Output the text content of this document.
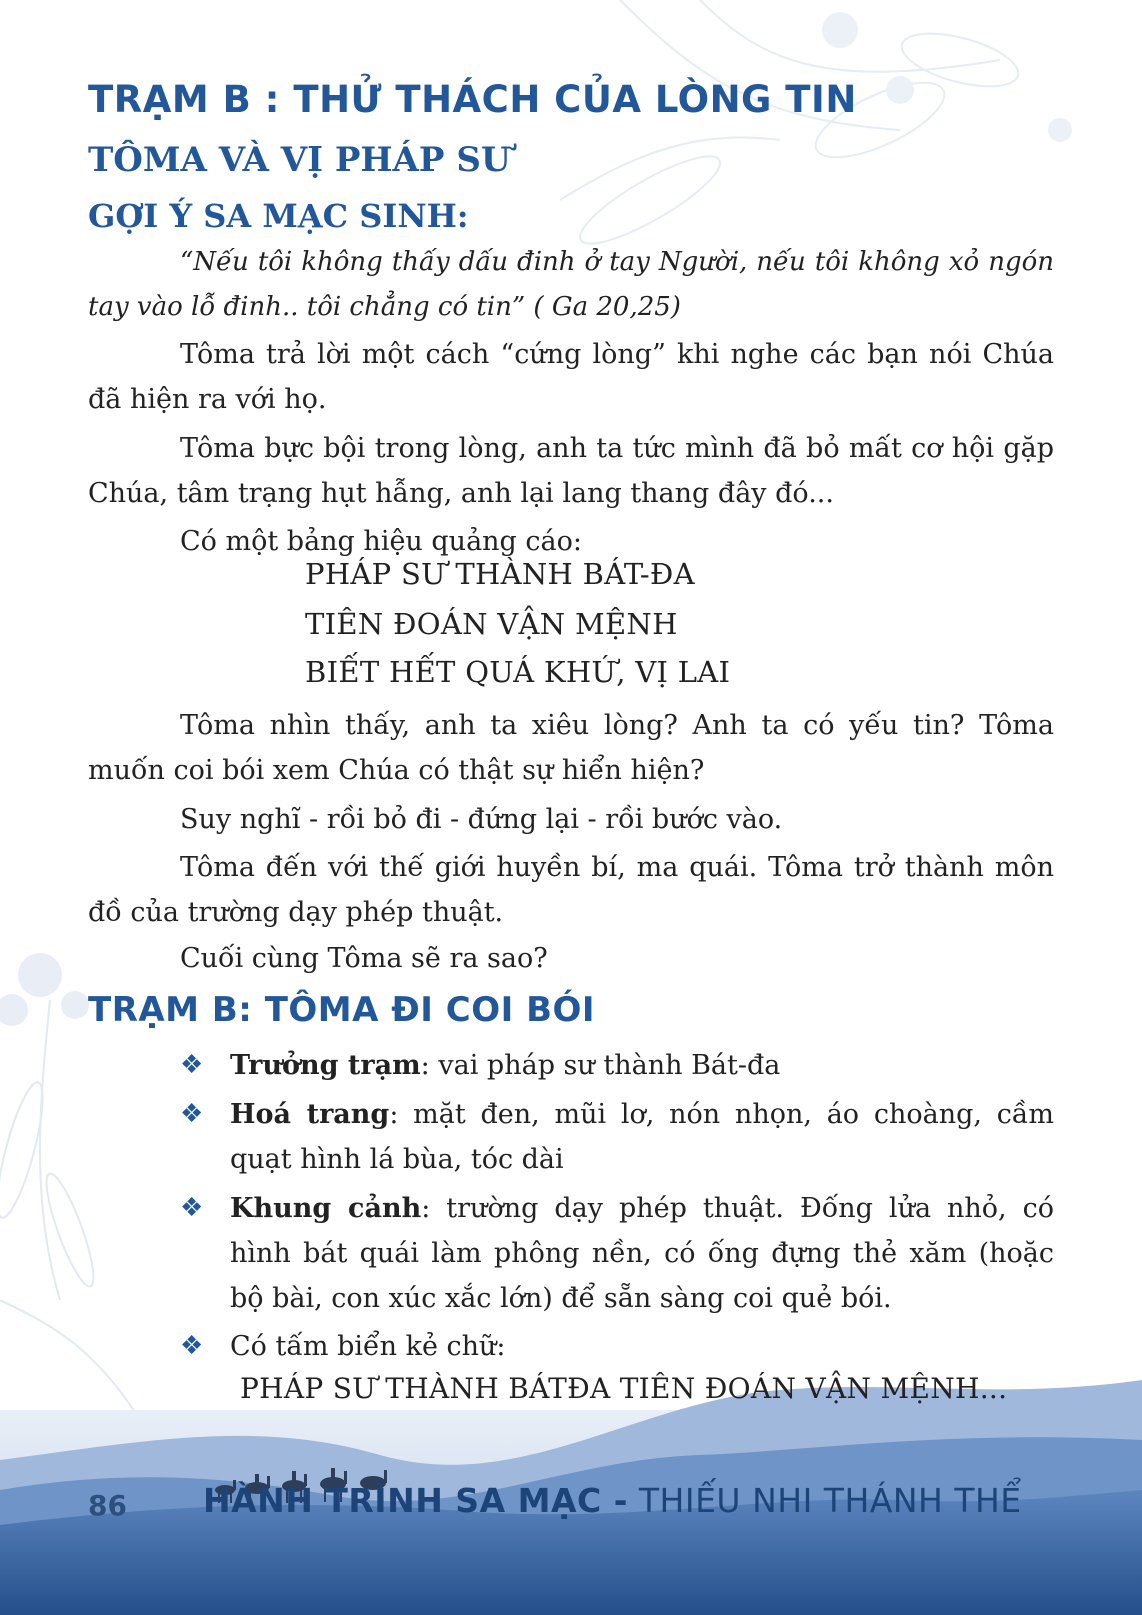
TRẠM B : THỬ THÁCH CỦA LÒNG TIN
TÔMA VÀ VỊ PHÁP SƯ
GỢI Ý SA MẠC SINH:

“Nếu tôi không thấy dấu đinh ở tay Người, nếu tôi không xỏ ngón tay vào lỗ đinh.. tôi chẳng có tin” ( Ga 20,25)

Tôma trả lời một cách “cứng lòng” khi nghe các bạn nói Chúa đã hiện ra với họ.

Tôma bực bội trong lòng, anh ta tức mình đã bỏ mất cơ hội gặp Chúa, tâm trạng hụt hẫng, anh lại lang thang đây đó...

Có một bảng hiệu quảng cáo:

PHÁP SƯ THÀNH BÁT-ĐA
TIÊN ĐOÁN VẬN MỆNH
BIẾT HẾT QUÁ KHỨ, VỊ LAI

Tôma nhìn thấy, anh ta xiêu lòng? Anh ta có yếu tin? Tôma muốn coi bói xem Chúa có thật sự hiển hiện?

Suy nghĩ - rồi bỏ đi - đứng lại - rồi bước vào.

Tôma đến với thế giới huyền bí, ma quái. Tôma trở thành môn đồ của trường dạy phép thuật.

Cuối cùng Tôma sẽ ra sao?

TRẠM B: TÔMA ĐI COI BÓI
❖ Trưởng trạm: vai pháp sư thành Bát-đa

❖ Hoá trang: mặt đen, mũi lơ, nón nhọn, áo choàng, cầm quạt hình lá bùa, tóc dài

❖ Khung cảnh: trường dạy phép thuật. Đống lửa nhỏ, có hình bát quái làm phông nền, có ống đựng thẻ xăm (hoặc bộ bài, con xúc xắc lớn) để sẵn sàng coi quẻ bói.

❖ Có tấm biển kẻ chữ:

PHÁP SƯ THÀNH BÁTĐA TIÊN ĐOÁN VẬN MỆNH...
86 HÀNH TRÌNH SA MẠC - THIẾU NHI THÁNH THỂ
